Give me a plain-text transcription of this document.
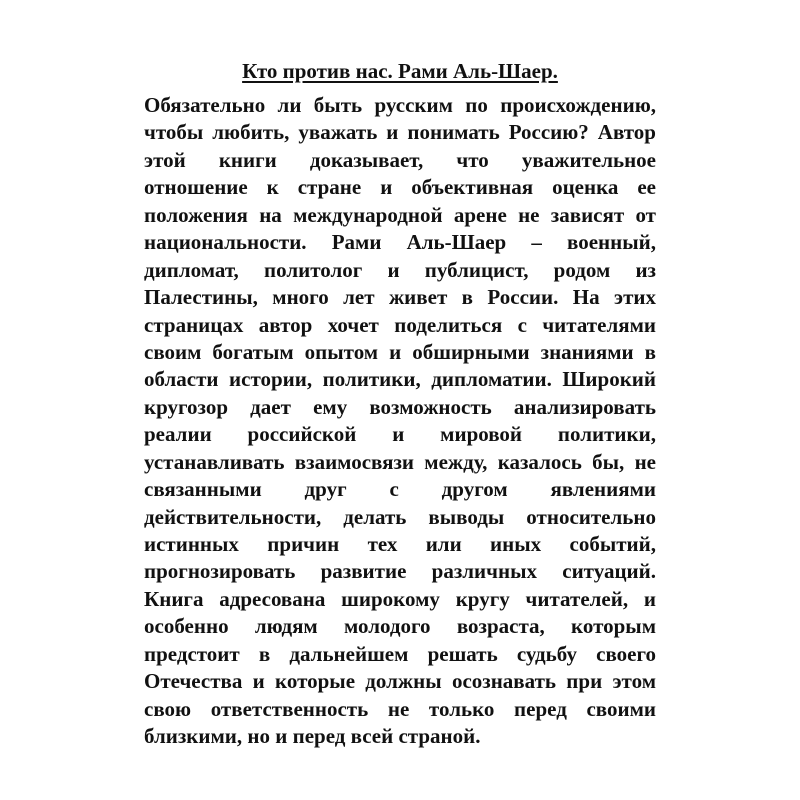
Кто против нас. Рами Аль-Шаер.
Обязательно ли быть русским по происхождению,
чтобы любить, уважать и понимать Россию? Автор
этой книги доказывает, что уважительное
отношение к стране и объективная оценка ее
положения на международной арене не зависят от
национальности. Рами Аль-Шаер – военный,
дипломат, политолог и публицист, родом из
Палестины, много лет живет в России. На этих
страницах автор хочет поделиться с читателями
своим богатым опытом и обширными знаниями в
области истории, политики, дипломатии. Широкий
кругозор дает ему возможность анализировать
реалии российской и мировой политики,
устанавливать взаимосвязи между, казалось бы, не
связанными друг с другом явлениями
действительности, делать выводы относительно
истинных причин тех или иных событий,
прогнозировать развитие различных ситуаций.
Книга адресована широкому кругу читателей, и
особенно людям молодого возраста, которым
предстоит в дальнейшем решать судьбу своего
Отечества и которые должны осознавать при этом
свою ответственность не только перед своими
близкими, но и перед всей страной.
